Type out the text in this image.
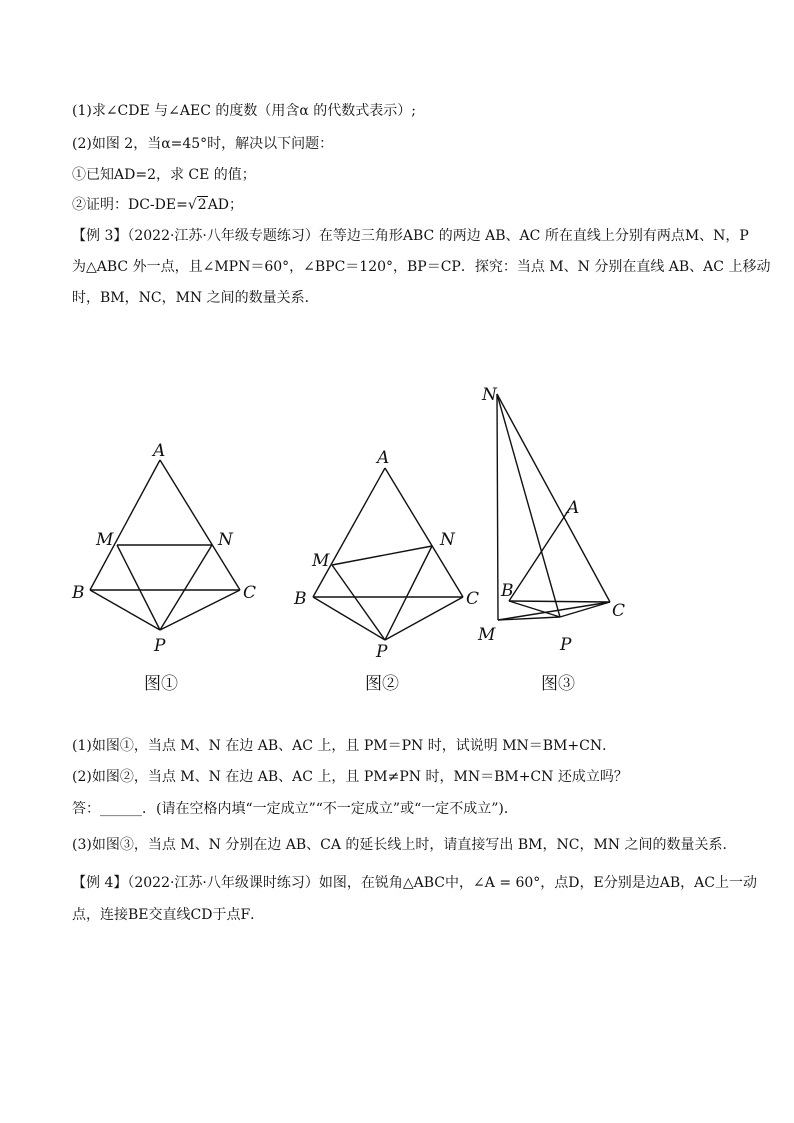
(1)求∠CDE 与∠AEC 的度数（用含α 的代数式表示）;
(2)如图 2，当α=45°时，解决以下问题：
①已知AD=2，求 CE 的值；
②证明：DC-DE=√2AD；
【例 3】（2022·江苏·八年级专题练习）在等边三角形ABC 的两边 AB、AC 所在直线上分别有两点M、N，P
为△ABC 外一点，且∠MPN＝60°，∠BPC＝120°，BP＝CP．探究：当点 M、N 分别在直线 AB、AC 上移动
时，BM，NC，MN 之间的数量关系．
A
M	N
B	C
P
图①
A
M
N
B	C
P
图②
N
A
B
C
M	P
图③
(1)如图①，当点 M、N 在边 AB、AC 上，且 PM＝PN 时，试说明 MN＝BM+CN．
(2)如图②，当点 M、N 在边 AB、AC 上，且 PM≠PN 时，MN＝BM+CN 还成立吗？
答：______．(请在空格内填“一定成立”“不一定成立”或“一定不成立”)．
(3)如图③，当点 M、N 分别在边 AB、CA 的延长线上时，请直接写出 BM，NC，MN 之间的数量关系．
【例 4】（2022·江苏·八年级课时练习）如图，在锐角△ABC中，∠A = 60°，点D，E分别是边AB，AC上一动
点，连接BE交直线CD于点F．
